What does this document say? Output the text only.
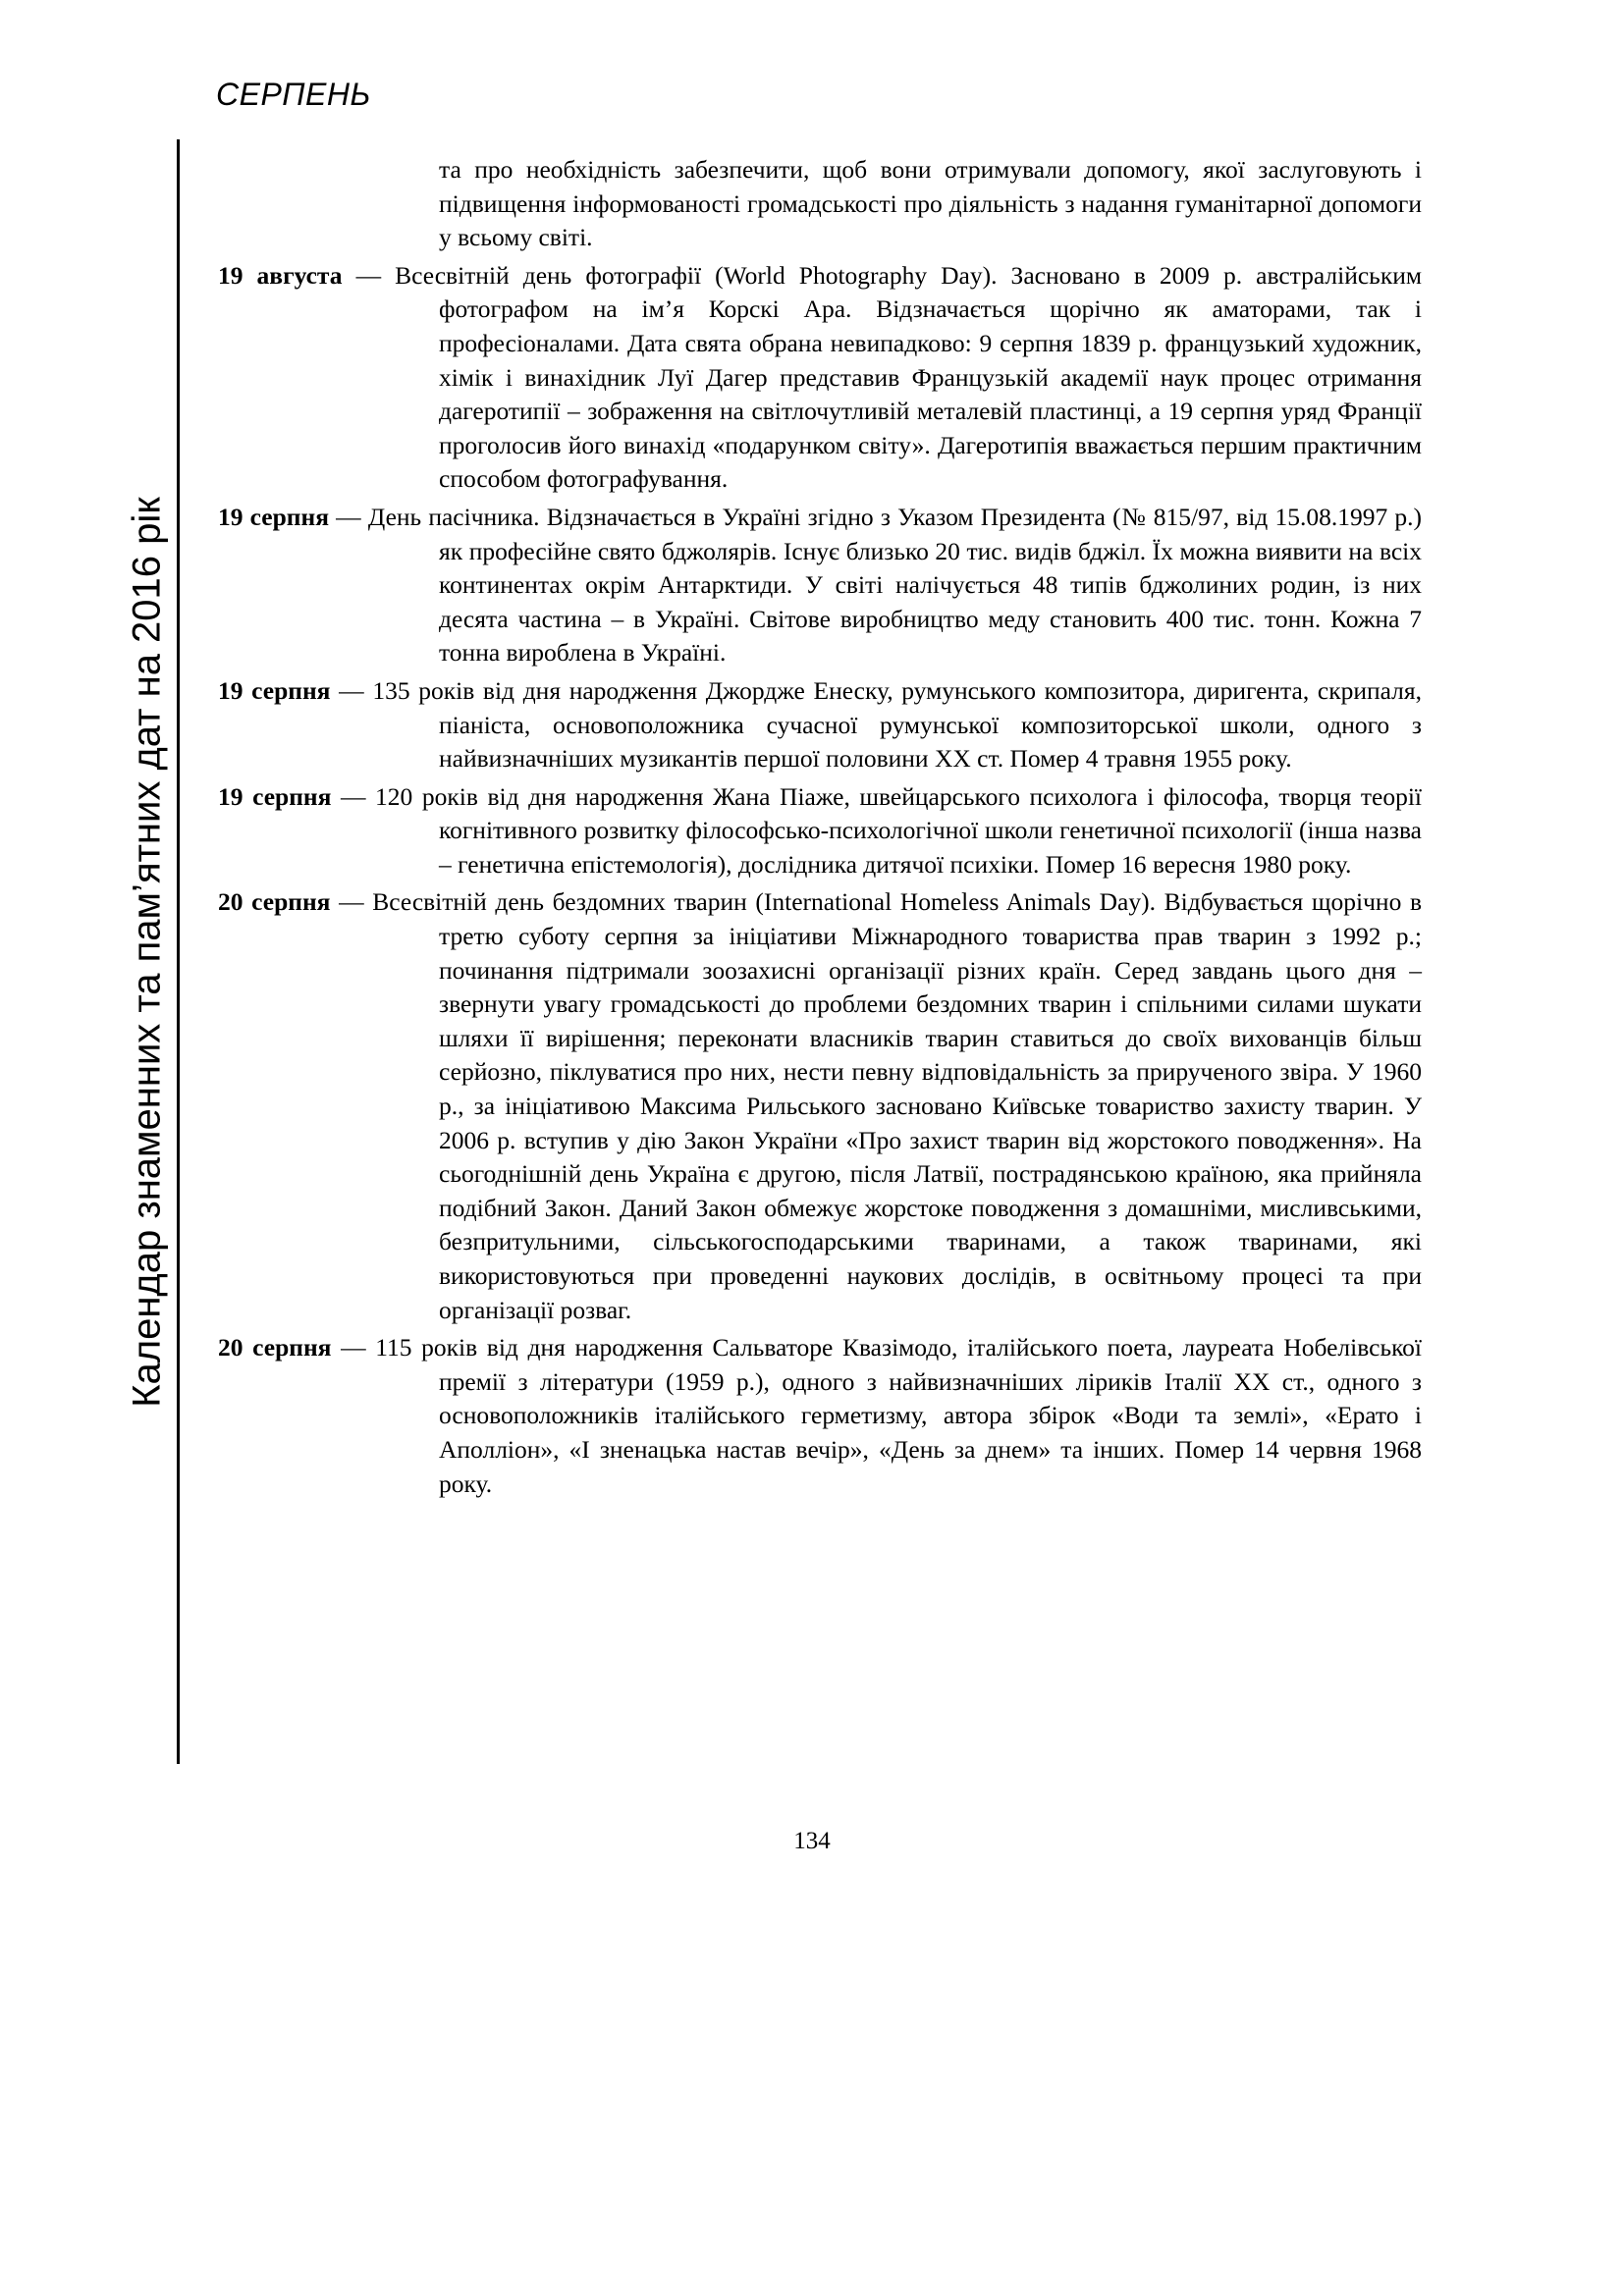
СЕРПЕНЬ
Календар знаменних та пам’ятних дат на 2016 рік

та про необхідність забезпечити, щоб вони отримували допомогу, якої заслуговують і підвищення інформованості громадськості про діяльність з надання гуманітарної допомоги у всьому світі.

19 августа — Всесвітній день фотографії (World Photography Day). Засновано в 2009 р. австралійським фотографом на ім’я Корскі Ара. Відзначається щорічно як аматорами, так і професіоналами. Дата свята обрана невипадково: 9 серпня 1839 р. французький художник, хімік і винахідник Луї Дагер представив Французькій академії наук процес отримання дагеротипії – зображення на світлочутливій металевій пластинці, а 19 серпня уряд Франції проголосив його винахід «подарунком світу». Дагеротипія вважається першим практичним способом фотографування.

19 серпня — День пасічника. Відзначається в Україні згідно з Указом Президента (№ 815/97, від 15.08.1997 р.) як професійне свято бджолярів. Існує близько 20 тис. видів бджіл. Їх можна виявити на всіх континентах окрім Антарктиди. У світі налічується 48 типів бджолиних родин, із них десята частина – в Україні. Світове виробництво меду становить 400 тис. тонн. Кожна 7 тонна вироблена в Україні.

19 серпня — 135 років від дня народження Джордже Енеску, румунського композитора, диригента, скрипаля, піаніста, основоположника сучасної румунської композиторської школи, одного з найвизначніших музикантів першої половини XX ст. Помер 4 травня 1955 року.

19 серпня — 120 років від дня народження Жана Піаже, швейцарського психолога і філософа, творця теорії когнітивного розвитку філософсько-психологічної школи генетичної психології (інша назва – генетична епістемологія), дослідника дитячої психіки. Помер 16 вересня 1980 року.

20 серпня — Всесвітній день бездомних тварин (International Homeless Animals Day). Відбувається щорічно в третю суботу серпня за ініціативи Міжнародного товариства прав тварин з 1992 р.; починання підтримали зоозахисні організації різних країн. Серед завдань цього дня – звернути увагу громадськості до проблеми бездомних тварин і спільними силами шукати шляхи її вирішення; переконати власників тварин ставиться до своїх вихованців більш серйозно, піклуватися про них, нести певну відповідальність за прирученого звіра. У 1960 р., за ініціативою Максима Рильського засновано Київське товариство захисту тварин. У 2006 р. вступив у дію Закон України «Про захист тварин від жорстокого поводження». На сьогоднішній день Україна є другою, після Латвії, пострадянською країною, яка прийняла подібний Закон. Даний Закон обмежує жорстоке поводження з домашніми, мисливськими, безпритульними, сільськогосподарськими тваринами, а також тваринами, які використовуються при проведенні наукових дослідів, в освітньому процесі та при організації розваг.

20 серпня — 115 років від дня народження Сальваторе Квазімодо, італійського поета, лауреата Нобелівської премії з літератури (1959 р.), одного з найвизначніших ліриків Італії XX ст., одного з основоположників італійського герметизму, автора збірок «Води та землі», «Ерато і Аполліон», «І зненацька настав вечір», «День за днем» та інших. Помер 14 червня 1968 року.

134
